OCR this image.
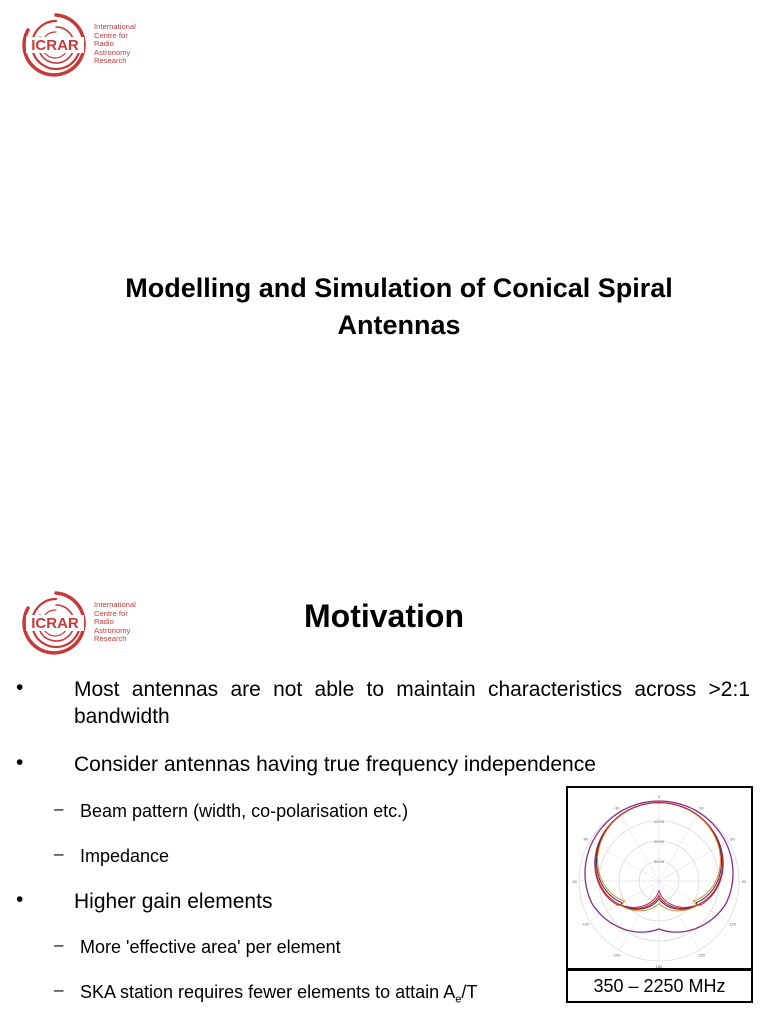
ICRAR
International
Centre for
Radio
Astronomy
Research
Modelling and Simulation of Conical Spiral
Antennas
ICRAR
International
Centre for
Radio
Astronomy
Research
Motivation
• Most antennas are not able to maintain characteristics across >2:1 bandwidth
• Consider antennas having true frequency independence
– Beam pattern (width, co-polarisation etc.)
– Impedance
• Higher gain elements
– More 'effective area' per element
– SKA station requires fewer elements to attain $A_e/T$
0
30
-30
60
-60
90
-90
120
-120
150
-150
180
10.00
20.00
30.00
350 – 2250 MHz
